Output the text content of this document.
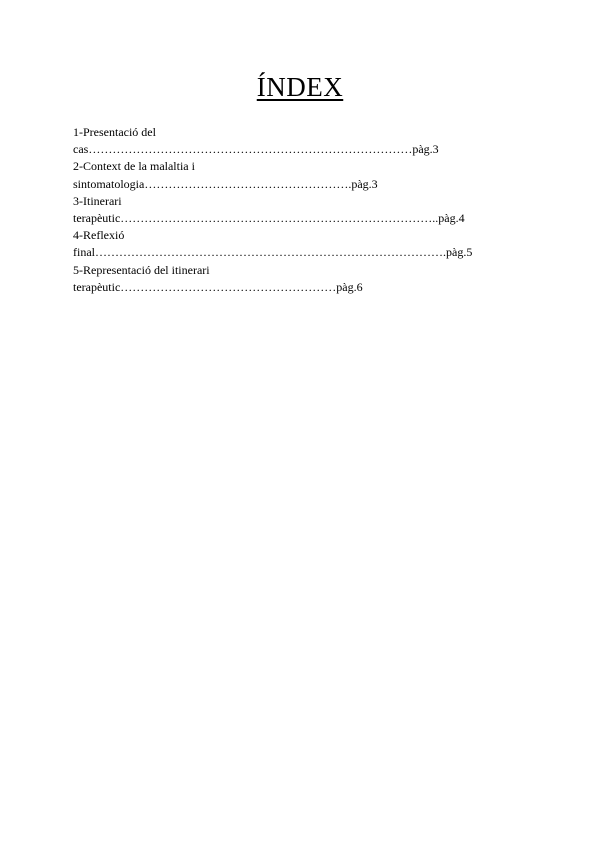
ÍNDEX
1-Presentació del
cas………………………………………………………………………pàg.3
2-Context de la malaltia i
sintomatologia…………………………………………….pàg.3
3-Itinerari
terapèutic……………………………………………………………………..pàg.4
4-Reflexió
final…………………………………………………………………………….pàg.5
5-Representació del itinerari
terapèutic………………………………………………pàg.6
